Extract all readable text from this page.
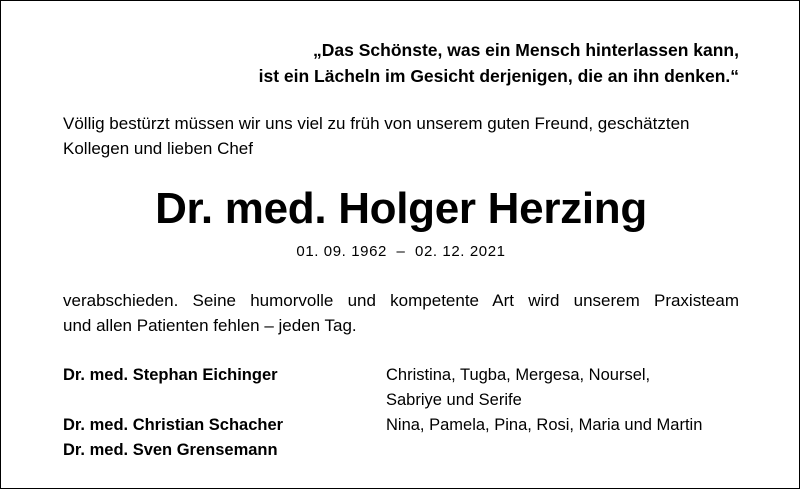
„Das Schönste, was ein Mensch hinterlassen kann,
ist ein Lächeln im Gesicht derjenigen, die an ihn denken.“
Völlig bestürzt müssen wir uns viel zu früh von unserem guten Freund, geschätzten
Kollegen und lieben Chef
Dr. med. Holger Herzing
01. 09. 1962  –  02. 12. 2021
verabschieden. Seine humorvolle und kompetente Art wird unserem Praxisteam
und allen Patienten fehlen – jeden Tag.
Dr. med. Stephan Eichinger
Dr. med. Christian Schacher
Dr. med. Sven Grensemann
Christina, Tugba, Mergesa, Noursel,
Sabriye und Serife
Nina, Pamela, Pina, Rosi, Maria und Martin
